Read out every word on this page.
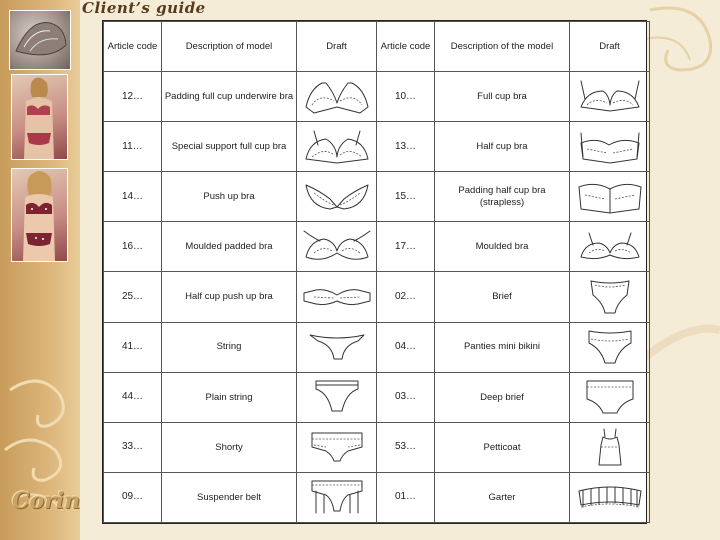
Client’s guide
Corin
Article code	Description of model	Draft	Article code	Description of the model	Draft
12…	Padding full cup underwire bra		10…	Full cup bra	

11…	Special support full cup bra		13…	Half cup bra	

14…	Push up bra		15…	Padding half cup bra (strapless)	

16…	Moulded padded bra		17…	Moulded bra	

25…	Half cup push up bra		02…	Brief	

41…	String		04…	Panties mini bikini	

44…	Plain string		03…	Deep brief	

33…	Shorty		53…	Petticoat	

09…	Suspender belt		01…	Garter	
